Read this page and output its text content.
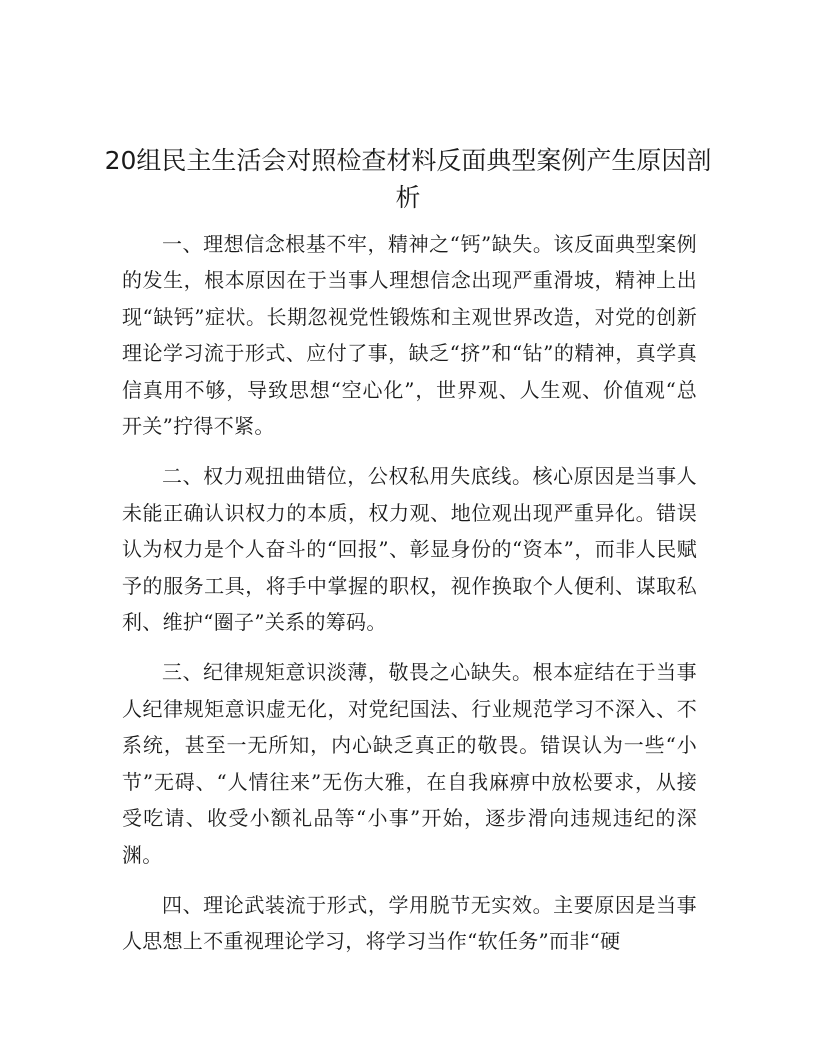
20组民主生活会对照检查材料反面典型案例产生原因剖析

一、理想信念根基不牢，精神之“钙”缺失。该反面典型案例的发生，根本原因在于当事人理想信念出现严重滑坡，精神上出现“缺钙”症状。长期忽视党性锻炼和主观世界改造，对党的创新理论学习流于形式、应付了事，缺乏“挤”和“钻”的精神，真学真信真用不够，导致思想“空心化”，世界观、人生观、价值观“总开关”拧得不紧。

二、权力观扭曲错位，公权私用失底线。核心原因是当事人未能正确认识权力的本质，权力观、地位观出现严重异化。错误认为权力是个人奋斗的“回报”、彰显身份的“资本”，而非人民赋予的服务工具，将手中掌握的职权，视作换取个人便利、谋取私利、维护“圈子”关系的筹码。

三、纪律规矩意识淡薄，敬畏之心缺失。根本症结在于当事人纪律规矩意识虚无化，对党纪国法、行业规范学习不深入、不系统，甚至一无所知，内心缺乏真正的敬畏。错误认为一些“小节”无碍、“人情往来”无伤大雅，在自我麻痹中放松要求，从接受吃请、收受小额礼品等“小事”开始，逐步滑向违规违纪的深渊。

四、理论武装流于形式，学用脱节无实效。主要原因是当事人思想上不重视理论学习，将学习当作“软任务”而非“硬
